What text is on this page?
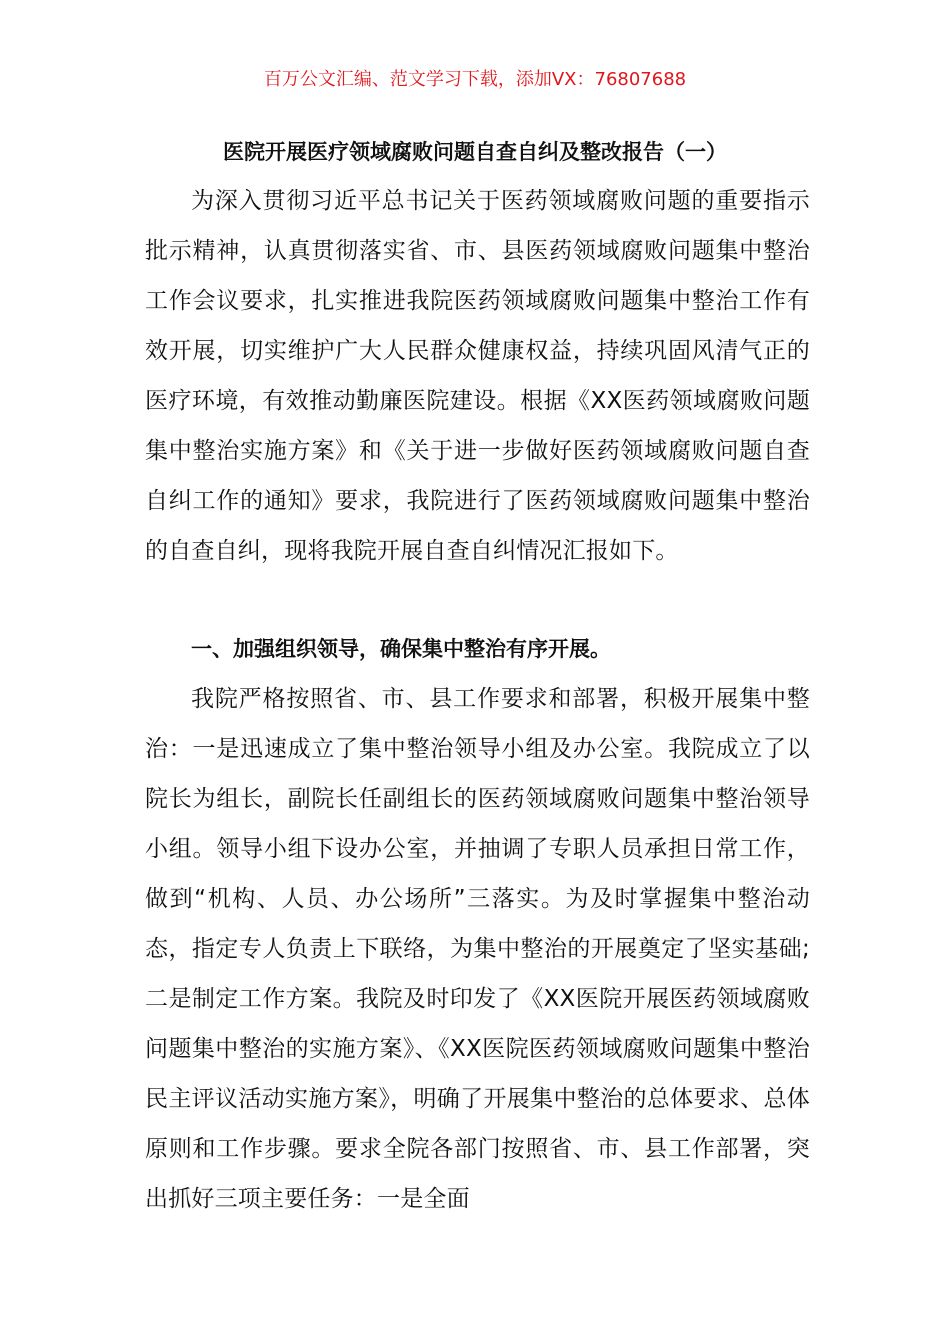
百万公文汇编、范文学习下载，添加VX：76807688
医院开展医疗领域腐败问题自查自纠及整改报告（一）

为深入贯彻习近平总书记关于医药领域腐败问题的重要指示批示精神，认真贯彻落实省、市、县医药领域腐败问题集中整治工作会议要求，扎实推进我院医药领域腐败问题集中整治工作有效开展，切实维护广大人民群众健康权益，持续巩固风清气正的医疗环境，有效推动勤廉医院建设。根据《XX医药领域腐败问题集中整治实施方案》和《关于进一步做好医药领域腐败问题自查自纠工作的通知》要求，我院进行了医药领域腐败问题集中整治的自查自纠，现将我院开展自查自纠情况汇报如下。

一、加强组织领导，确保集中整治有序开展。

我院严格按照省、市、县工作要求和部署，积极开展集中整治：一是迅速成立了集中整治领导小组及办公室。我院成立了以院长为组长，副院长任副组长的医药领域腐败问题集中整治领导小组。领导小组下设办公室，并抽调了专职人员承担日常工作，做到“机构、人员、办公场所”三落实。为及时掌握集中整治动态，指定专人负责上下联络，为集中整治的开展奠定了坚实基础;二是制定工作方案。我院及时印发了《XX医院开展医药领域腐败问题集中整治的实施方案》、《XX医院医药领域腐败问题集中整治民主评议活动实施方案》，明确了开展集中整治的总体要求、总体原则和工作步骤。要求全院各部门按照省、市、县工作部署，突出抓好三项主要任务：一是全面
